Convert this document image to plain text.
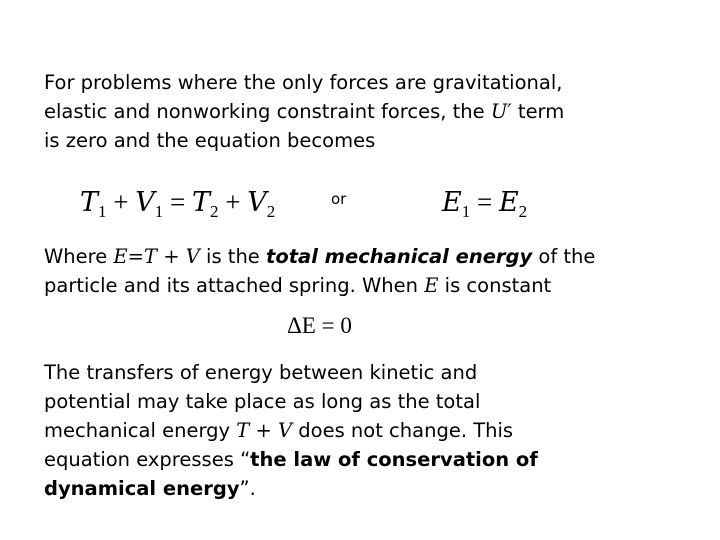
For problems where the only forces are gravitational,
elastic and nonworking constraint forces, the U′ term
is zero and the equation becomes
$T_1 + V_1 = T_2 + V_2$
or	$E_1 = E_2$
Where E=T + V is the total mechanical energy of the
particle and its attached spring. When E is constant
ΔE = 0
The transfers of energy between kinetic and
potential may take place as long as the total
mechanical energy T + V does not change. This
equation expresses “the law of conservation of
dynamical energy”.
